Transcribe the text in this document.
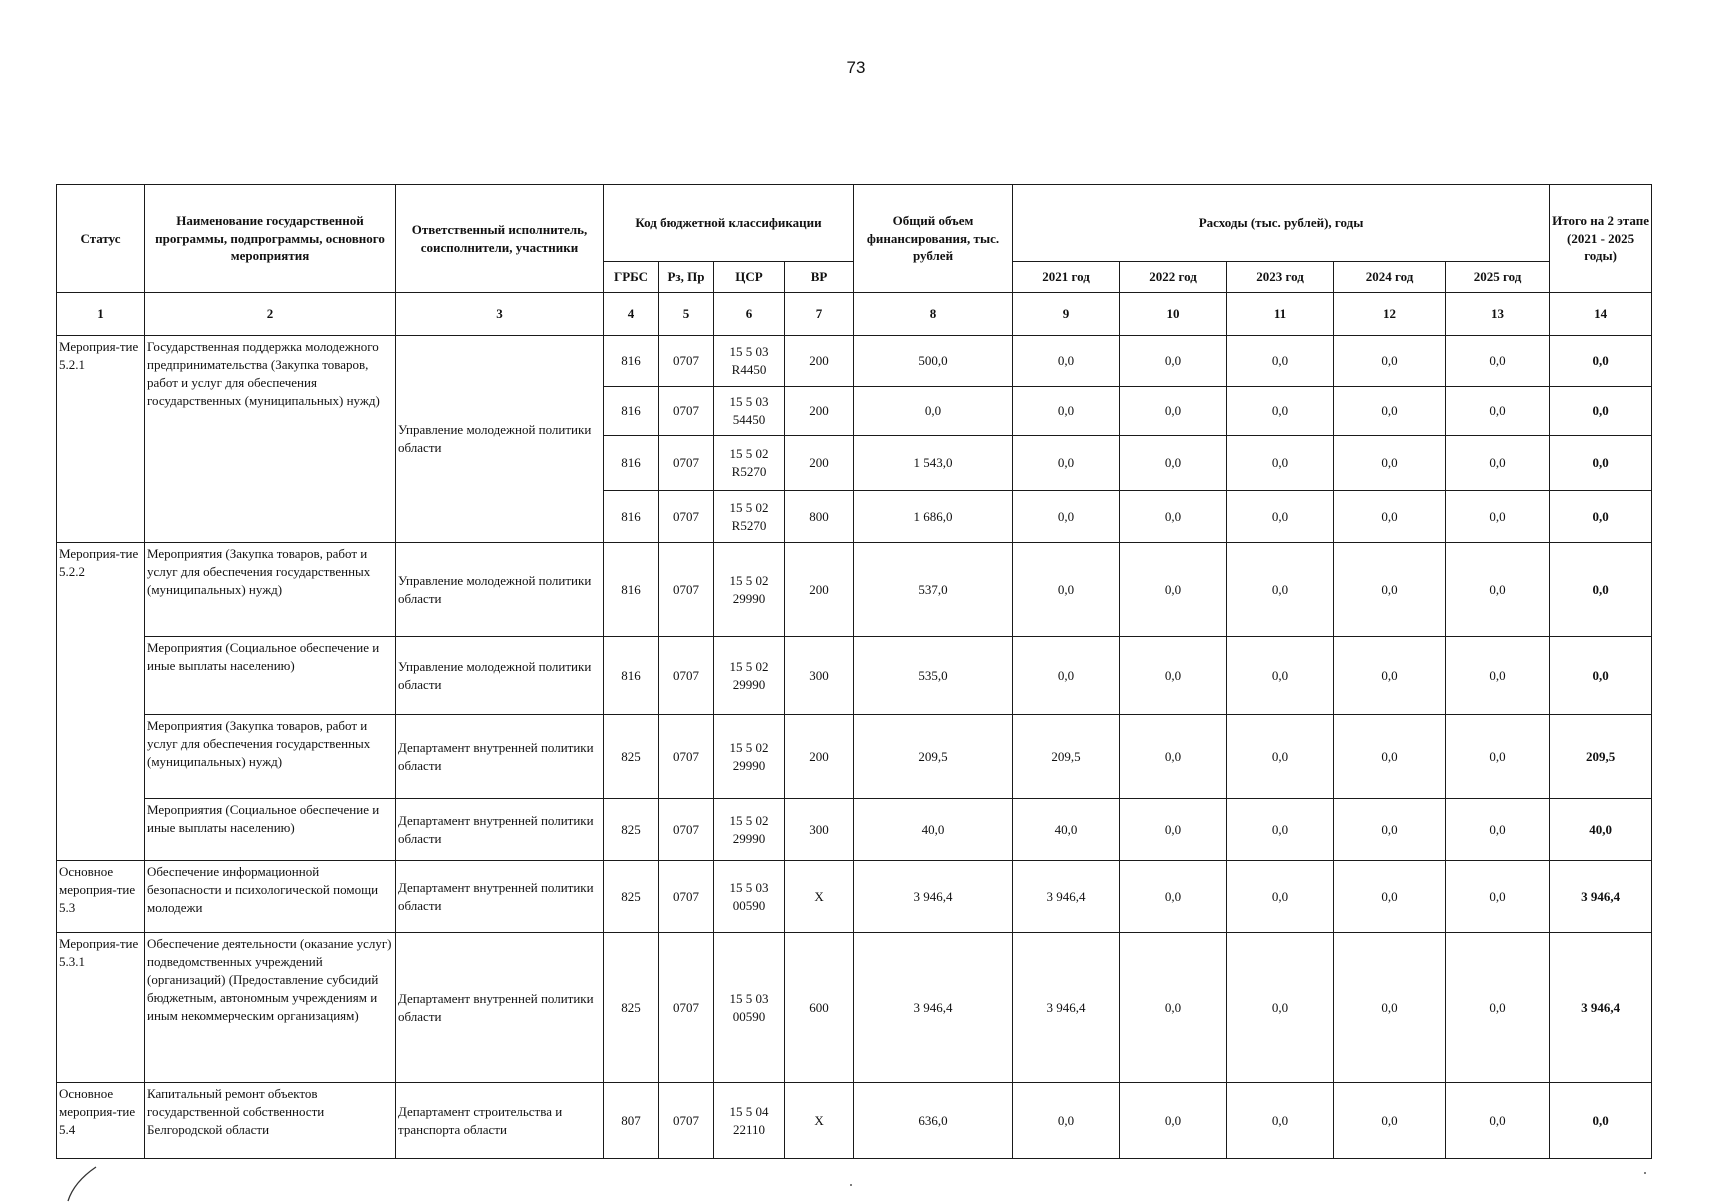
73
Статус	Наименование государственной программы, подпрограммы, основного мероприятия	Ответственный исполнитель, соисполнители, участники	Код бюджетной классификации				Общий объем финансирования, тыс. рублей	Расходы (тыс. рублей), годы					Итого на 2 этапе (2021 - 2025 годы)
			ГРБС	Рз, Пр	ЦСР	ВР		2021 год	2022 год	2023 год	2024 год	2025 год	
1	2	3	4	5	6	7	8	9	10	11	12	13	14
Мероприя-тие 5.2.1	Государственная поддержка молодежного предпринимательства (Закупка товаров, работ и услуг для обеспечения государственных (муниципальных) нужд)	Управление молодежной политики области	816	0707	15 5 03 R4450	200	500,0	0,0	0,0	0,0	0,0	0,0	0,0
			816	0707	15 5 03 54450	200	0,0	0,0	0,0	0,0	0,0	0,0	0,0
			816	0707	15 5 02 R5270	200	1 543,0	0,0	0,0	0,0	0,0	0,0	0,0
			816	0707	15 5 02 R5270	800	1 686,0	0,0	0,0	0,0	0,0	0,0	0,0
Мероприя-тие 5.2.2	Мероприятия (Закупка товаров, работ и услуг для обеспечения государственных (муниципальных) нужд)	Управление молодежной политики области	816	0707	15 5 02 29990	200	537,0	0,0	0,0	0,0	0,0	0,0	0,0
	Мероприятия (Социальное обеспечение и иные выплаты населению)	Управление молодежной политики области	816	0707	15 5 02 29990	300	535,0	0,0	0,0	0,0	0,0	0,0	0,0
	Мероприятия (Закупка товаров, работ и услуг для обеспечения государственных (муниципальных) нужд)	Департамент внутренней политики области	825	0707	15 5 02 29990	200	209,5	209,5	0,0	0,0	0,0	0,0	209,5
	Мероприятия (Социальное обеспечение и иные выплаты населению)	Департамент внутренней политики области	825	0707	15 5 02 29990	300	40,0	40,0	0,0	0,0	0,0	0,0	40,0
Основное мероприя-тие 5.3	Обеспечение информационной безопасности и психологической помощи молодежи	Департамент внутренней политики области	825	0707	15 5 03 00590	Х	3 946,4	3 946,4	0,0	0,0	0,0	0,0	3 946,4
Мероприя-тие 5.3.1	Обеспечение деятельности (оказание услуг) подведомственных учреждений (организаций) (Предоставление субсидий бюджетным, автономным учреждениям и иным некоммерческим организациям)	Департамент внутренней политики области	825	0707	15 5 03 00590	600	3 946,4	3 946,4	0,0	0,0	0,0	0,0	3 946,4
Основное мероприя-тие 5.4	Капитальный ремонт объектов государственной собственности Белгородской области	Департамент строительства и транспорта области	807	0707	15 5 04 22110	Х	636,0	0,0	0,0	0,0	0,0	0,0	0,0
